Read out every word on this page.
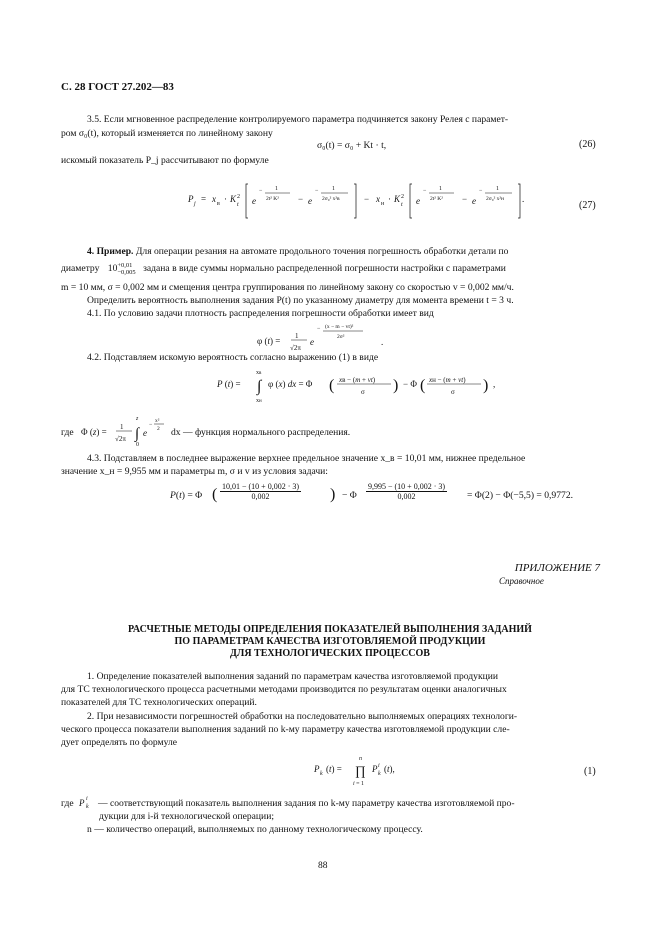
С. 28 ГОСТ 27.202—83
3.5. Если мгновенное распределение контролируемого параметра подчиняется закону Релея с парамет-
ром σ₀(t), который изменяется по линейному закону
σ₀(t) = σ₀ + Kt · t,	(26)
искомый показатель P_j рассчитывают по формуле
P j = x в · K 2
t e
− 1
2t² K² − e
− 1
2σ₀² x²в	− x н · K 2
t e
− 1
2t² K² − e
− 1
2σ₀² x²н .
(27)
4. Пример. Для операции резания на автомате продольного точения погрешность обработки детали по
диаметру 10 +0,01
−0,005 задана в виде суммы нормально распределенной погрешности настройки с параметрами
m = 10 мм, σ = 0,002 мм и смещения центра группирования по линейному закону со скоростью v = 0,002 мм/ч.
Определить вероятность выполнения задания P(t) по указанному диаметру для момента времени t = 3 ч.
4.1. По условию задачи плотность распределения погрешности обработки имеет вид
φ (t) = 1
√2π
e
− (x − m − vt)²
2σ²	.
4.2. Подставляем искомую вероятность согласно выражению (1) в виде
P (t) =
xв
∫
xн
φ (x) dx = Φ ( xв − (m + vt)
σ ) − Φ ( xн − (m + vt)
σ ) ,
где Φ (z) = 1
√2π
z
∫
0
e
−
x²
2 dx — функция нормального распределения.
4.3. Подставляем в последнее выражение верхнее предельное значение x_в = 10,01 мм, нижнее предельное
значение x_н = 9,955 мм и параметры m, σ и v из условия задачи:
P(t) = Φ ( $\frac{10,01 - (10 + 0,002 \cdot 3)}{0,002}$ ) − Φ $\frac{9,995 - (10 + 0,002 \cdot 3)}{0,002} = \Phi(2) - \Phi(-5,5) = 0,9772$.
ПРИЛОЖЕНИЕ 7
Справочное
РАСЧЕТНЫЕ МЕТОДЫ ОПРЕДЕЛЕНИЯ ПОКАЗАТЕЛЕЙ ВЫПОЛНЕНИЯ ЗАДАНИЙ
ПО ПАРАМЕТРАМ КАЧЕСТВА ИЗГОТОВЛЯЕМОЙ ПРОДУКЦИИ
ДЛЯ ТЕХНОЛОГИЧЕСКИХ ПРОЦЕССОВ
1. Определение показателей выполнения заданий по параметрам качества изготовляемой продукции
для ТС технологического процесса расчетными методами производится по результатам оценки аналогичных
показателей для ТС технологических операций.
2. При независимости погрешностей обработки на последовательно выполняемых операциях технологи-
ческого процесса показатели выполнения заданий по k-му параметру качества изготовляемой продукции сле-
дует определять по формуле
P k (t) =
n
∏
i = 1
P i
k (t),	(1)
где P i
k — соответствующий показатель выполнения задания по k-му параметру качества изготовляемой про-
дукции для i-й технологической операции;
n — количество операций, выполняемых по данному технологическому процессу.
88
